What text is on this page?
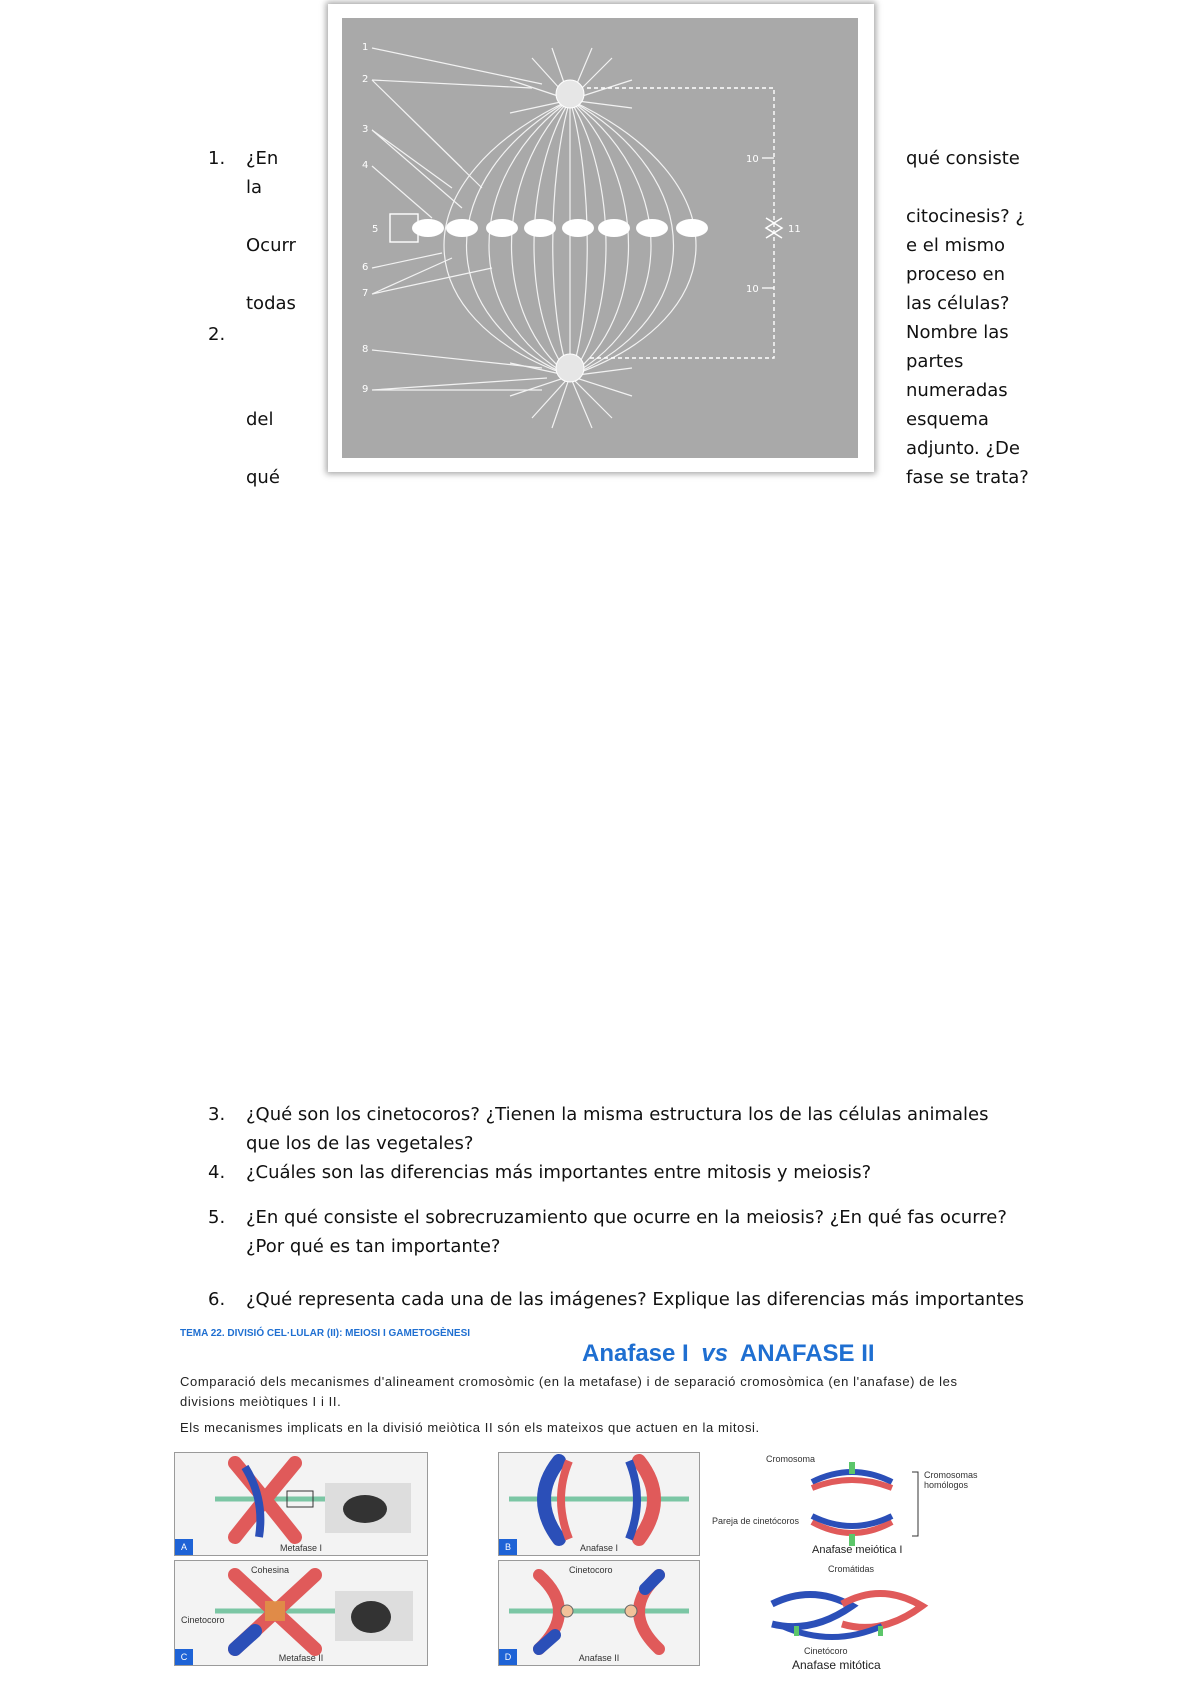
1.
2.
¿En
la
Ocurr
todas
del
qué
qué consiste
citocinesis? ¿
e el mismo
proceso en
las células?
Nombre las
partes
numeradas
esquema
adjunto. ¿De
fase se trata?
1
2
3
4
5
6
7
8
9
10
10
11
3.	¿Qué son los cinetocoros? ¿Tienen la misma estructura los de las células animales que los de las vegetales?
4.	¿Cuáles son las diferencias más importantes entre mitosis y meiosis?
5.	¿En qué consiste el sobrecruzamiento que ocurre en la meiosis? ¿En qué fas ocurre? ¿Por qué es tan importante?
6.	¿Qué representa cada una de las imágenes? Explique las diferencias más importantes
TEMA 22. DIVISIÓ CEL·LULAR (II): MEIOSI I GAMETOGÈNESI
Anafase I vs ANAFASE II
Comparació dels mecanismes d'alineament cromosòmic (en la metafase) i de separació cromosòmica (en l'anafase) de les divisions meiòtiques I i II.
Els mecanismes implicats en la divisió meiòtica II són els mateixos que actuen en la mitosi.
A	Metafase I	B	Anafase I
Cohesina
Cinetocoro
C	Metafase II
Cinetocoro
D	Anafase II
Cromosoma
Cromosomas homólogos
Pareja de cinetócoros
Anafase meiótica I
Cromátidas
Cinetócoro
Anafase mitótica
